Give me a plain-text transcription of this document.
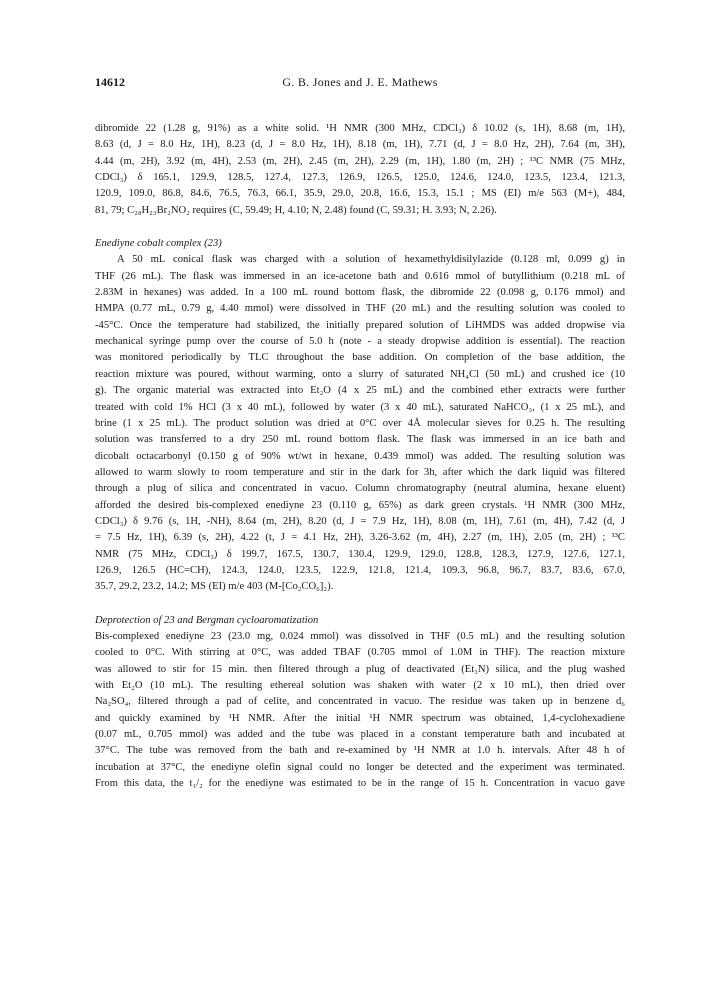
14612	G. B. Jones and J. E. Mathews
dibromide 22 (1.28 g, 91%) as a white solid. ¹H NMR (300 MHz, CDCl₃) δ 10.02 (s, 1H), 8.68 (m, 1H),
8.63 (d, J = 8.0 Hz, 1H), 8.23 (d, J = 8.0 Hz, 1H), 8.18 (m, 1H), 7.71 (d, J = 8.0 Hz, 2H), 7.64 (m, 3H),
4.44 (m, 2H), 3.92 (m, 4H), 2.53 (m, 2H), 2.45 (m, 2H), 2.29 (m, 1H), 1.80 (m, 2H) ; ¹³C NMR (75 MHz,
CDCl₃) δ 165.1, 129.9, 128.5, 127.4, 127.3, 126.9, 126.5, 125.0, 124.6, 124.0, 123.5, 123.4, 121.3,
120.9, 109.0, 86.8, 84.6, 76.5, 76.3, 66.1, 35.9, 29.0, 20.8, 16.6, 15.3, 15.1 ; MS (EI) m/e 563 (M+), 484,
81, 79; C₂₈H₂₃Br₂NO₂ requires (C, 59.49; H, 4.10; N, 2.48) found (C, 59.31; H. 3.93; N, 2.26).
Enediyne cobalt complex (23)
A 50 mL conical flask was charged with a solution of hexamethyldisilylazide (0.128 ml, 0.099 g) in
THF (26 mL). The flask was immersed in an ice-acetone bath and 0.616 mmol of butyllithium (0.218 mL of
2.83M in hexanes) was added. In a 100 mL round bottom flask, the dibromide 22 (0.098 g, 0.176 mmol) and
HMPA (0.77 mL, 0.79 g, 4.40 mmol) were dissolved in THF (20 mL) and the resulting solution was cooled to
-45°C. Once the temperature had stabilized, the initially prepared solution of LiHMDS was added dropwise via
mechanical syringe pump over the course of 5.0 h (note - a steady dropwise addition is essential). The reaction
was monitored periodically by TLC throughout the base addition. On completion of the base addition, the
reaction mixture was poured, without warming, onto a slurry of saturated NH₄Cl (50 mL) and crushed ice (10
g). The organic material was extracted into Et₂O (4 x 25 mL) and the combined ether extracts were further
treated with cold 1% HCl (3 x 40 mL), followed by water (3 x 40 mL), saturated NaHCO₃, (1 x 25 mL), and
brine (1 x 25 mL). The product solution was dried at 0°C over 4Å molecular sieves for 0.25 h. The resulting
solution was transferred to a dry 250 mL round bottom flask. The flask was immersed in an ice bath and
dicobalt octacarbonyl (0.150 g of 90% wt/wt in hexane, 0.439 mmol) was added. The resulting solution was
allowed to warm slowly to room temperature and stir in the dark for 3h, after which the dark liquid was filtered
through a plug of silica and concentrated in vacuo. Column chromatography (neutral alumina, hexane eluent)
afforded the desired bis-complexed enediyne 23 (0.110 g, 65%) as dark green crystals. ¹H NMR (300 MHz,
CDCl₃) δ 9.76 (s, 1H, -NH), 8.64 (m, 2H), 8.20 (d, J = 7.9 Hz, 1H), 8.08 (m, 1H), 7.61 (m, 4H), 7.42 (d, J
= 7.5 Hz, 1H), 6.39 (s, 2H), 4.22 (t, J = 4.1 Hz, 2H), 3.26-3.62 (m, 4H), 2.27 (m, 1H), 2.05 (m, 2H) ; ¹³C
NMR (75 MHz, CDCl₃) δ 199.7, 167.5, 130.7, 130.4, 129.9, 129.0, 128.8, 128.3, 127.9, 127.6, 127.1,
126.9, 126.5 (HC=CH), 124.3, 124.0, 123.5, 122.9, 121.8, 121.4, 109.3, 96.8, 96.7, 83.7, 83.6, 67.0,
35.7, 29.2, 23.2, 14.2; MS (EI) m/e 403 (M-[Co₂CO₆]₂).
Deprotection of 23 and Bergman cycloaromatization
Bis-complexed enediyne 23 (23.0 mg, 0.024 mmol) was dissolved in THF (0.5 mL) and the resulting solution
cooled to 0°C. With stirring at 0°C, was added TBAF (0.705 mmol of 1.0M in THF). The reaction mixture
was allowed to stir for 15 min. then filtered through a plug of deactivated (Et₃N) silica, and the plug washed
with Et₂O (10 mL). The resulting ethereal solution was shaken with water (2 x 10 mL), then dried over
Na₂SO₄, filtered through a pad of celite, and concentrated in vacuo. The residue was taken up in benzene d₆
and quickly examined by ¹H NMR. After the initial ¹H NMR spectrum was obtained, 1,4-cyclohexadiene
(0.07 mL, 0.705 mmol) was added and the tube was placed in a constant temperature bath and incubated at
37°C. The tube was removed from the bath and re-examined by ¹H NMR at 1.0 h. intervals. After 48 h of
incubation at 37°C, the enediyne olefin signal could no longer be detected and the experiment was terminated.
From this data, the t₁/₂ for the enediyne was estimated to be in the range of 15 h. Concentration in vacuo gave
